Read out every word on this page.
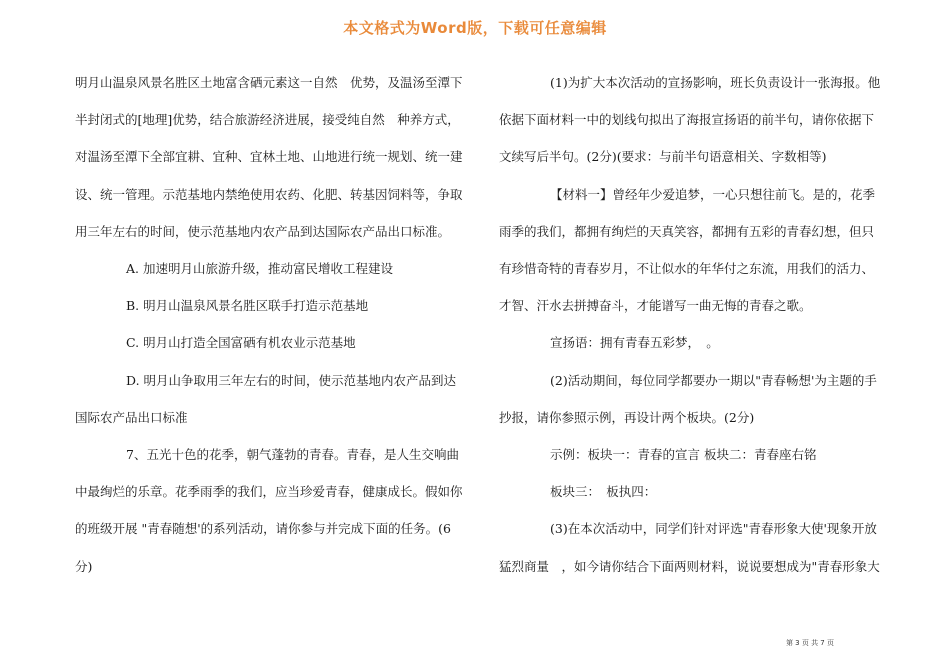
本文格式为Word版，下载可任意编辑

明月山温泉风景名胜区土地富含硒元素这一自然　优势，及温汤至潭下

半封闭式的[地理]优势，结合旅游经济进展，接受纯自然　种养方式，

对温汤至潭下全部宜耕、宜种、宜林土地、山地进行统一规划、统一建

设、统一管理。示范基地内禁绝使用农药、化肥、转基因饲料等，争取

用三年左右的时间，使示范基地内农产品到达国际农产品出口标准。

A. 加速明月山旅游升级，推动富民增收工程建设

B. 明月山温泉风景名胜区联手打造示范基地

C. 明月山打造全国富硒有机农业示范基地

D. 明月山争取用三年左右的时间，使示范基地内农产品到达

国际农产品出口标准

7、五光十色的花季，朝气蓬勃的青春。青春，是人生交响曲

中最绚烂的乐章。花季雨季的我们，应当珍爱青春，健康成长。假如你

的班级开展 "青春随想'的系列活动，请你参与并完成下面的任务。(6

分)

(1)为扩大本次活动的宣扬影响，班长负责设计一张海报。他

依据下面材料一中的划线句拟出了海报宣扬语的前半句，请你依据下

文续写后半句。(2分)(要求：与前半句语意相关、字数相等)

【材料一】曾经年少爱追梦，一心只想往前飞。是的，花季

雨季的我们，都拥有绚烂的天真笑容，都拥有五彩的青春幻想，但只

有珍惜奇特的青春岁月，不让似水的年华付之东流，用我们的活力、

才智、汗水去拼搏奋斗，才能谱写一曲无悔的青春之歌。

宣扬语：拥有青春五彩梦，　。

(2)活动期间，每位同学都要办一期以"青春畅想'为主题的手

抄报，请你参照示例，再设计两个板块。(2分)

示例：板块一：青春的宣言 板块二：青春座右铭

板块三：　板执四：

(3)在本次活动中，同学们针对评选"青春形象大使'现象开放

猛烈商量　，如今请你结合下面两则材料，说说要想成为"青春形象大

第 3 页 共 7 页
